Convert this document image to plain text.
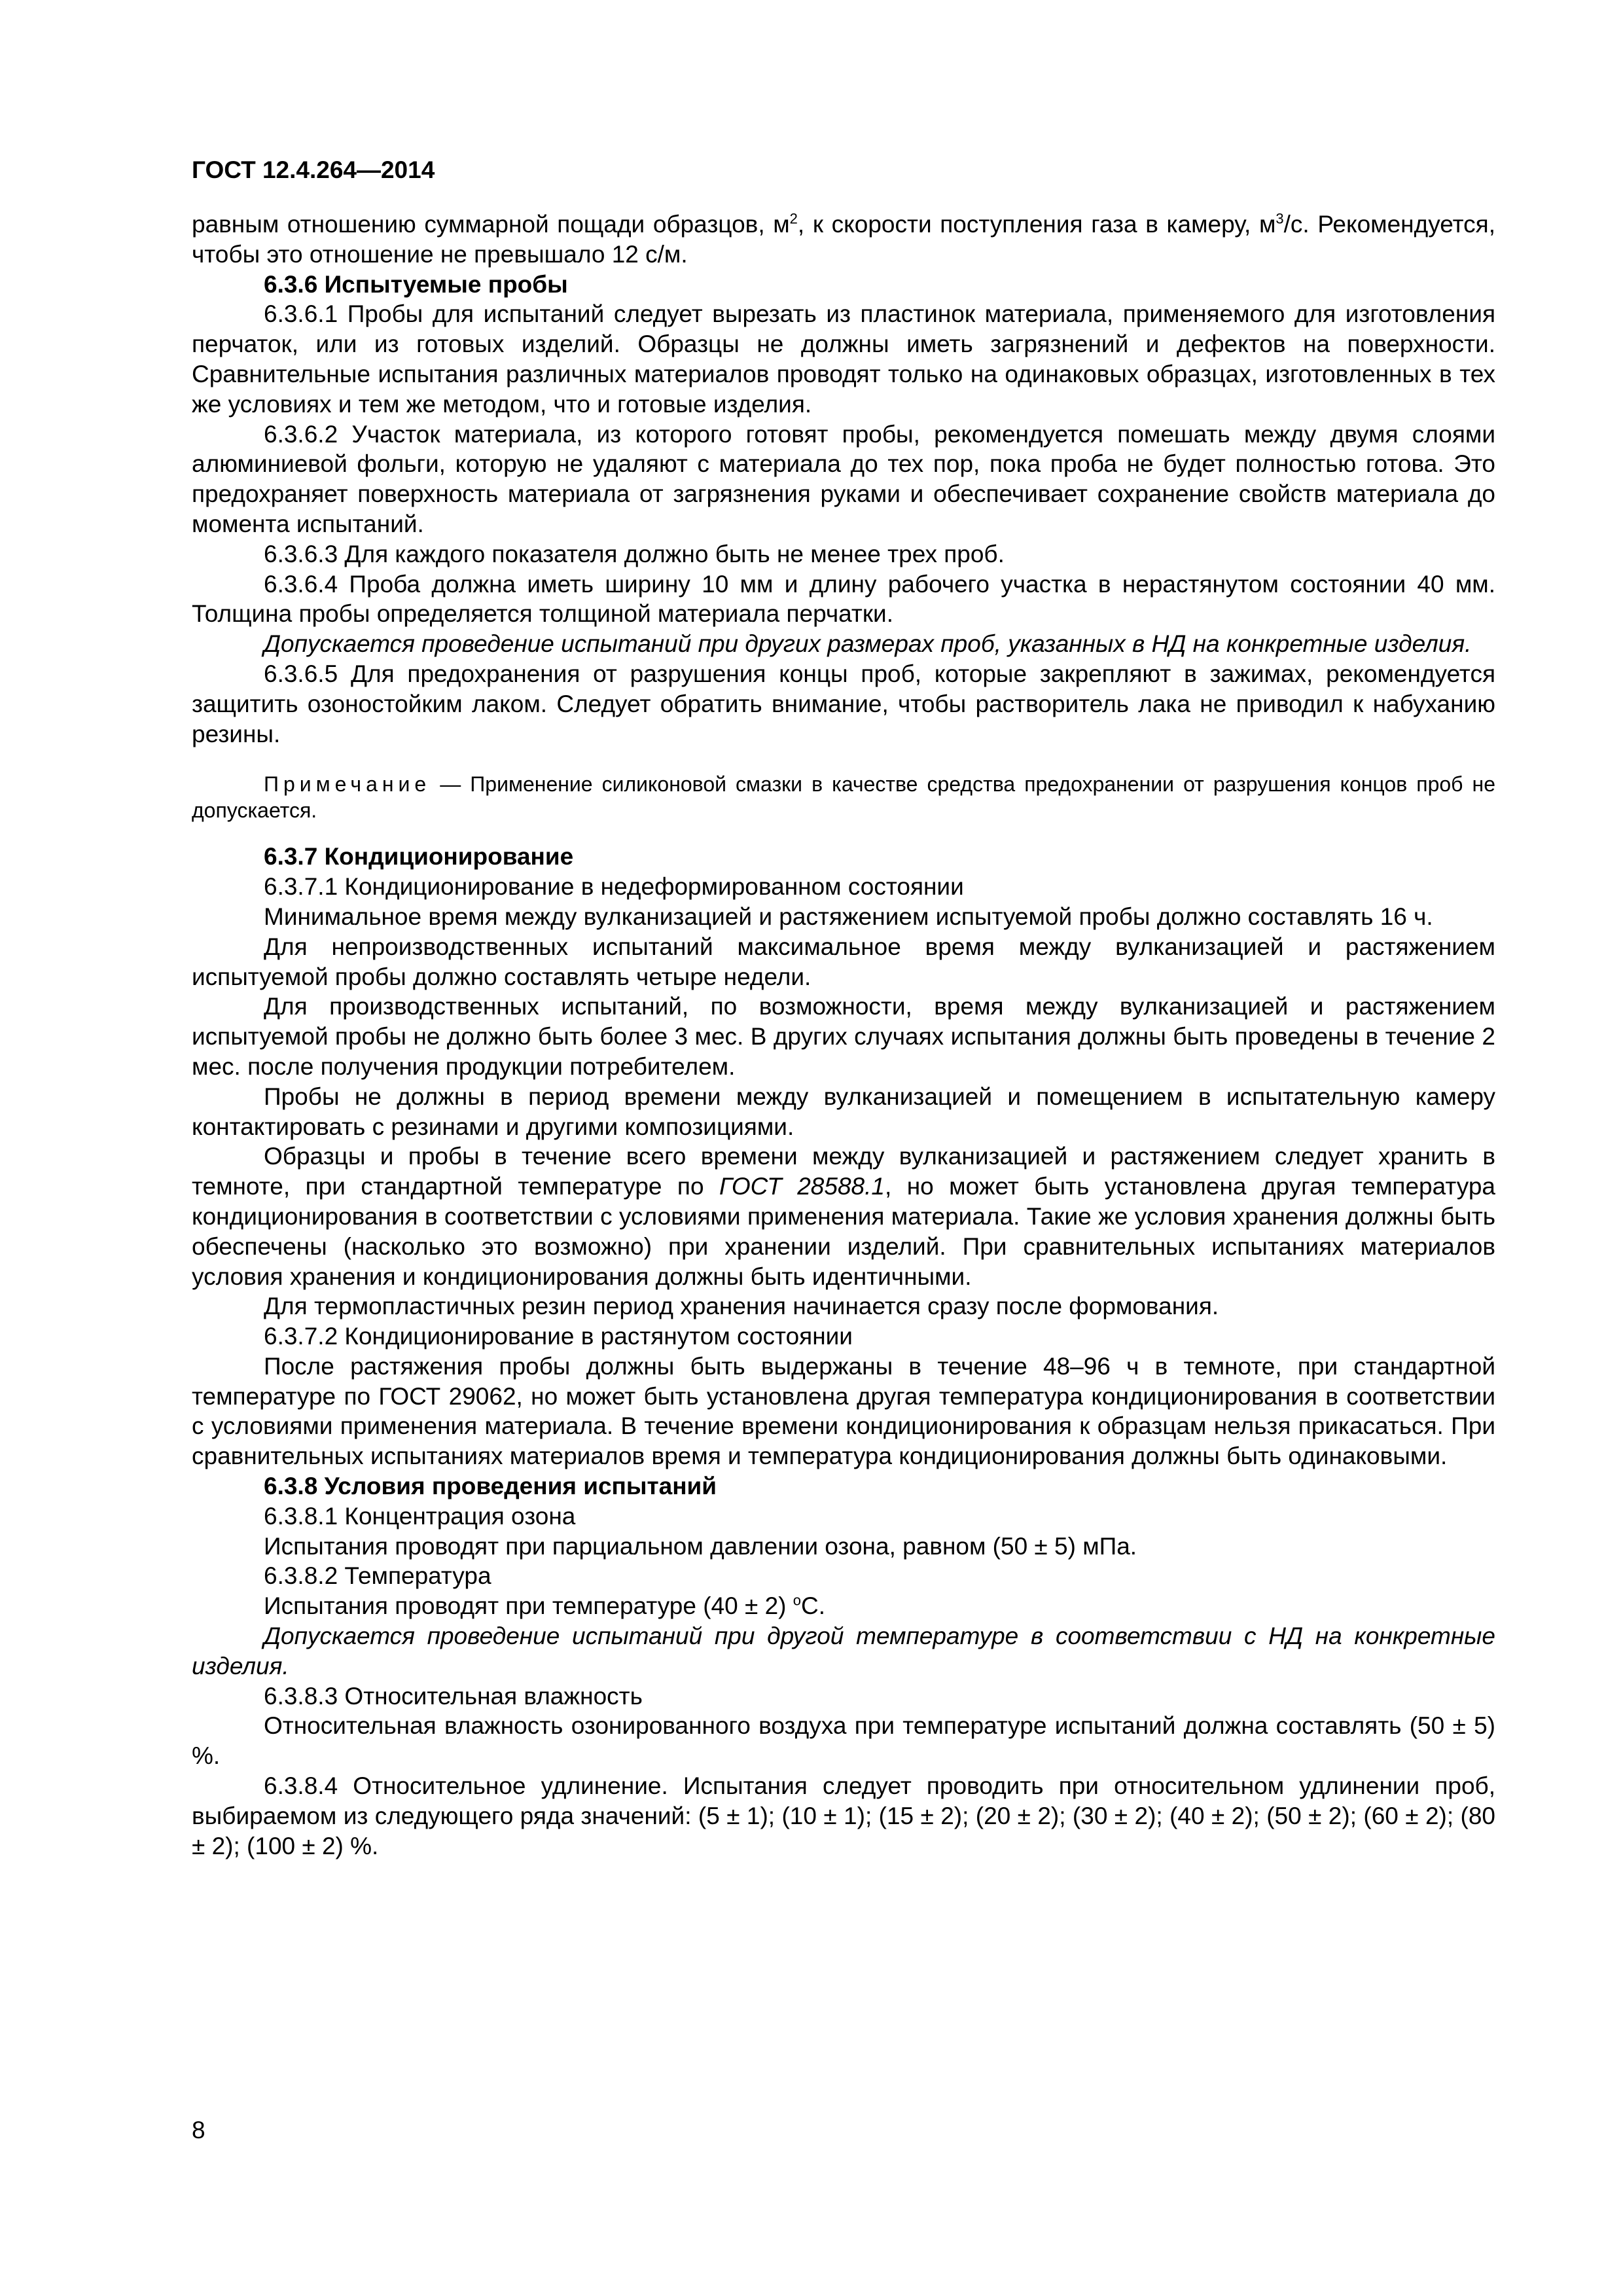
ГОСТ 12.4.264—2014

равным отношению суммарной пощади образцов, $м^2$, к скорости поступления газа в камеру, $м^3/с$. Рекомендуется, чтобы это отношение не превышало 12 с/м.

6.3.6 Испытуемые пробы

6.3.6.1 Пробы для испытаний следует вырезать из пластинок материала, применяемого для изготовления перчаток, или из готовых изделий. Образцы не должны иметь загрязнений и дефектов на поверхности. Сравнительные испытания различных материалов проводят только на одинаковых образцах, изготовленных в тех же условиях и тем же методом, что и готовые изделия.

6.3.6.2 Участок материала, из которого готовят пробы, рекомендуется помешать между двумя слоями алюминиевой фольги, которую не удаляют с материала до тех пор, пока проба не будет полностью готова. Это предохраняет поверхность материала от загрязнения руками и обеспечивает сохранение свойств материала до момента испытаний.

6.3.6.3 Для каждого показателя должно быть не менее трех проб.

6.3.6.4 Проба должна иметь ширину 10 мм и длину рабочего участка в нерастянутом состоянии 40 мм. Толщина пробы определяется толщиной материала перчатки.

Допускается проведение испытаний при других размерах проб, указанных в НД на конкретные изделия.

6.3.6.5 Для предохранения от разрушения концы проб, которые закрепляют в зажимах, рекомендуется защитить озоностойким лаком. Следует обратить внимание, чтобы растворитель лака не приводил к набуханию резины.

Примечание — Применение силиконовой смазки в качестве средства предохранении от разрушения концов проб не допускается.

6.3.7 Кондиционирование

6.3.7.1 Кондиционирование в недеформированном состоянии

Минимальное время между вулканизацией и растяжением испытуемой пробы должно составлять 16 ч.

Для непроизводственных испытаний максимальное время между вулканизацией и растяжением испытуемой пробы должно составлять четыре недели.

Для производственных испытаний, по возможности, время между вулканизацией и растяжением испытуемой пробы не должно быть более 3 мес. В других случаях испытания должны быть проведены в течение 2 мес. после получения продукции потребителем.

Пробы не должны в период времени между вулканизацией и помещением в испытательную камеру контактировать с резинами и другими композициями.

Образцы и пробы в течение всего времени между вулканизацией и растяжением следует хранить в темноте, при стандартной температуре по ГОСТ 28588.1, но может быть установлена другая температура кондиционирования в соответствии с условиями применения материала. Такие же условия хранения должны быть обеспечены (насколько это возможно) при хранении изделий. При сравнительных испытаниях материалов условия хранения и кондиционирования должны быть идентичными.

Для термопластичных резин период хранения начинается сразу после формования.

6.3.7.2 Кондиционирование в растянутом состоянии

После растяжения пробы должны быть выдержаны в течение 48–96 ч в темноте, при стандартной температуре по ГОСТ 29062, но может быть установлена другая температура кондиционирования в соответствии с условиями применения материала. В течение времени кондиционирования к образцам нельзя прикасаться. При сравнительных испытаниях материалов время и температура кондиционирования должны быть одинаковыми.

6.3.8 Условия проведения испытаний

6.3.8.1 Концентрация озона

Испытания проводят при парциальном давлении озона, равном (50 ± 5) мПа.

6.3.8.2 Температура

Испытания проводят при температуре (40 ± 2) $^о$С.

Допускается проведение испытаний при другой температуре в соответствии с НД на конкретные изделия.

6.3.8.3 Относительная влажность

Относительная влажность озонированного воздуха при температуре испытаний должна составлять (50 ± 5) %.

6.3.8.4 Относительное удлинение. Испытания следует проводить при относительном удлинении проб, выбираемом из следующего ряда значений: (5 ± 1); (10 ± 1); (15 ± 2); (20 ± 2); (30 ± 2); (40 ± 2); (50 ± 2); (60 ± 2); (80 ± 2); (100 ± 2) %.

8
